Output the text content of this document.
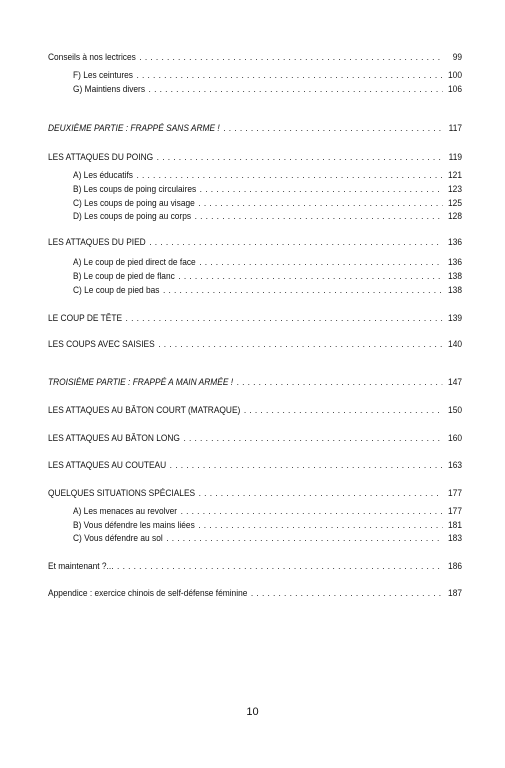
Conseils à nos lectrices . . .	99
F) Les ceintures . . .	100
G) Maintiens divers . . .	106
DEUXIÈME PARTIE : FRAPPÉ SANS ARME ! . . .	117
LES ATTAQUES DU POING . . .	119
A) Les éducatifs . . .	121
B) Les coups de poing circulaires . . .	123
C) Les coups de poing au visage . . .	125
D) Les coups de poing au corps . . .	128
LES ATTAQUES DU PIED . . .	136
A) Le coup de pied direct de face . . .	136
B) Le coup de pied de flanc . . .	138
C) Le coup de pied bas . . .	138
LE COUP DE TÊTE . . .	139
LES COUPS AVEC SAISIES . . .	140
TROISIÈME PARTIE : FRAPPÉ A MAIN ARMÉE ! . . .	147
LES ATTAQUES AU BÂTON COURT (MATRAQUE) . . .	150
LES ATTAQUES AU BÂTON LONG . . .	160
LES ATTAQUES AU COUTEAU . . .	163
QUELQUES SITUATIONS SPÉCIALES . . .	177
A) Les menaces au revolver . . .	177
B) Vous défendre les mains liées . . .	181
C) Vous défendre au sol . . .	183
Et maintenant ?... . . .	186
Appendice : exercice chinois de self-défense féminine . . .	187
10
